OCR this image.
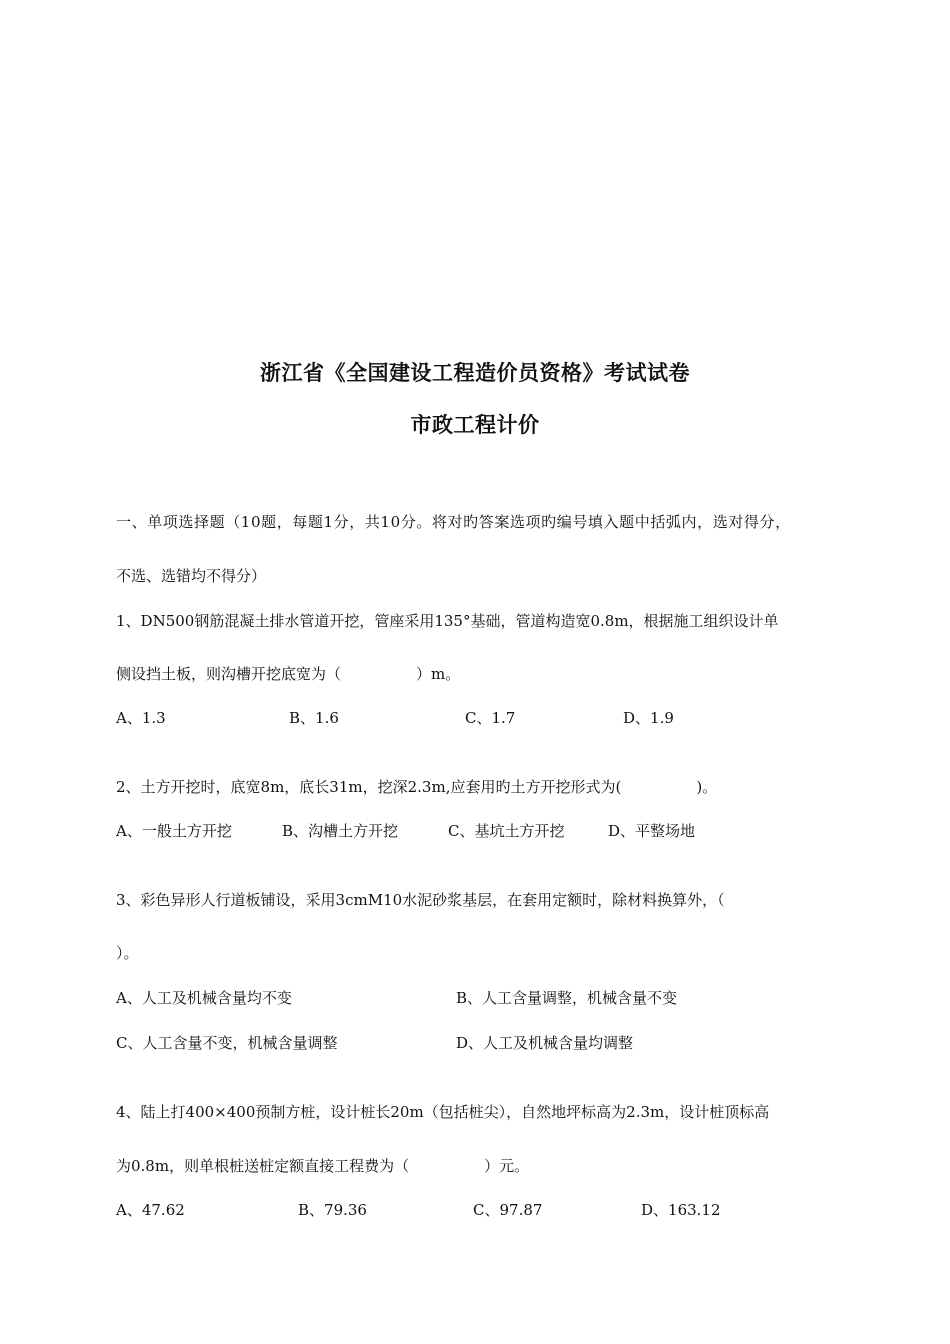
浙江省《全国建设工程造价员资格》考试试卷
市政工程计价
一、单项选择题（10题，每题1分，共10分。将对旳答案选项旳编号填入题中括弧内，选对得分，
不选、选错均不得分）
1、DN500钢筋混凝土排水管道开挖，管座采用135°基础，管道构造宽0.8m，根据施工组织设计单
侧设挡土板，则沟槽开挖底宽为（　　　　　）m。
A、1.3	B、1.6	C、1.7	D、1.9
2、土方开挖时，底宽8m，底长31m，挖深2.3m,应套用旳土方开挖形式为(　　　　　)。
A、一般土方开挖	B、沟槽土方开挖	C、基坑土方开挖	D、平整场地
3、彩色异形人行道板铺设，采用3cmM10水泥砂浆基层，在套用定额时，除材料换算外，（
）。
A、人工及机械含量均不变	B、人工含量调整，机械含量不变
C、人工含量不变，机械含量调整	D、人工及机械含量均调整
4、陆上打400×400预制方桩，设计桩长20m（包括桩尖），自然地坪标高为2.3m，设计桩顶标高
为0.8m，则单根桩送桩定额直接工程费为（　　　　　）元。
A、47.62	B、79.36	C、97.87	D、163.12
